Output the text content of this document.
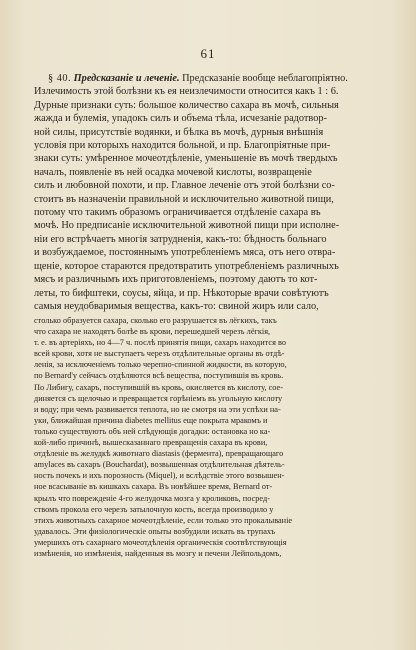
61
§ 40. Предсказаніе и леченіе. Предсказаніе вообще неблагопріятно.
Излечимость этой болѣзни къ ея неизлечимости относится какъ 1 : 6.
Дурные признаки суть: большое количество сахара въ мочѣ, сильныя
жажда и булемія, упадокъ силъ и объема тѣла, исчезаніе радотвор-
ной силы, присутствіе водянки, и бѣлка въ мочѣ, дурныя внѣшнія
условія при которыхъ находится больной, и пр. Благопріятные при-
знаки суть: умѣренное мочеотдѣленіе, уменьшеніе въ мочѣ твердыхъ
началъ, появленіе въ ней осадка мочевой кислоты, возвращеніе
силъ и любовной похоти, и пр. Главное леченіе отъ этой болѣзни со-
стоитъ въ назначеніи правильной и исключительно животной пищи,
потому что такимъ образомъ ограничивается отдѣленіе сахара въ
мочѣ. Но предписаніе исключительной животной пищи при исполне-
ніи его встрѣчаетъ многія затрудненія, какъ-то: бѣдность больнаго
и возбуждаемое, постояннымъ употребленіемъ мяса, отъ него отвра-
щеніе, которое стараются предотвратить употребленіемъ различныхъ
мясъ и различнымъ ихъ приготовленіемъ, поэтому даютъ то кот-
леты, то бифштеки, соусы, яйца, и пр. Нѣкоторые врачи совѣтуютъ
самыя неудобваримыя вещества, какъ-то: свиной жиръ или сало,
столько образуется сахара, сколько его разрушается въ лёгкихъ, такъ
что сахара не находятъ болѣе въ крови, перешедшей черезъ лёгкія,
т. е. въ артеріяхъ, но 4—7 ч. послѣ принятія пищи, сахаръ находится во
всей крови, хотя не выступаетъ черезъ отдѣлительные органы въ отдѣ-
ленія, за исключеніемъ только черепно-спинной жидкости, въ которую,
по Bernard'у сейчасъ отдѣляются всѣ вещества, поступившія въ кровь.
По Либигу, сахаръ, поступившій въ кровь, окисляется въ кислоту, сое-
диняется съ щелочью и превращается горѣніемъ въ угольную кислоту
и воду; при чемъ развивается теплота, но не смотря на эти успѣхи на-
уки, ближайшая причина diabetes mellitus еще покрыта мракомъ и
только существуютъ объ ней слѣдующія догадки: остановка но ка-
кой-либо причинѣ, вышесказаннаго превращенія сахара въ крови,
отдѣленіе въ желудкѣ животнаго diastasis (фермента), превращающаго
amylaces въ сахаръ (Bouchardat), возвышенная отдѣлительная дѣятель-
ность почекъ и ихъ порозность (Miquel), и вслѣдствіе этого возвышен-
ное всасываніе въ кишкахъ сахара. Въ новѣйшее время, Bernard от-
крылъ что поврежденіе 4-го желудочка мозга у кроликовъ, посред-
ствомъ прокола его черезъ затылочную кость, всегда производило у
этихъ животныхъ сахарное мочеотдѣленіе, если только это прокалываніе
удавалось. Эти физіологическіе опыты возбудили искать въ трупахъ
умершихъ отъ сахарнаго мочеотдѣленія органическія соотвѣтствующія
измѣненія, но измѣненія, найденныя въ мозгу и печени Лейпольдомъ,
